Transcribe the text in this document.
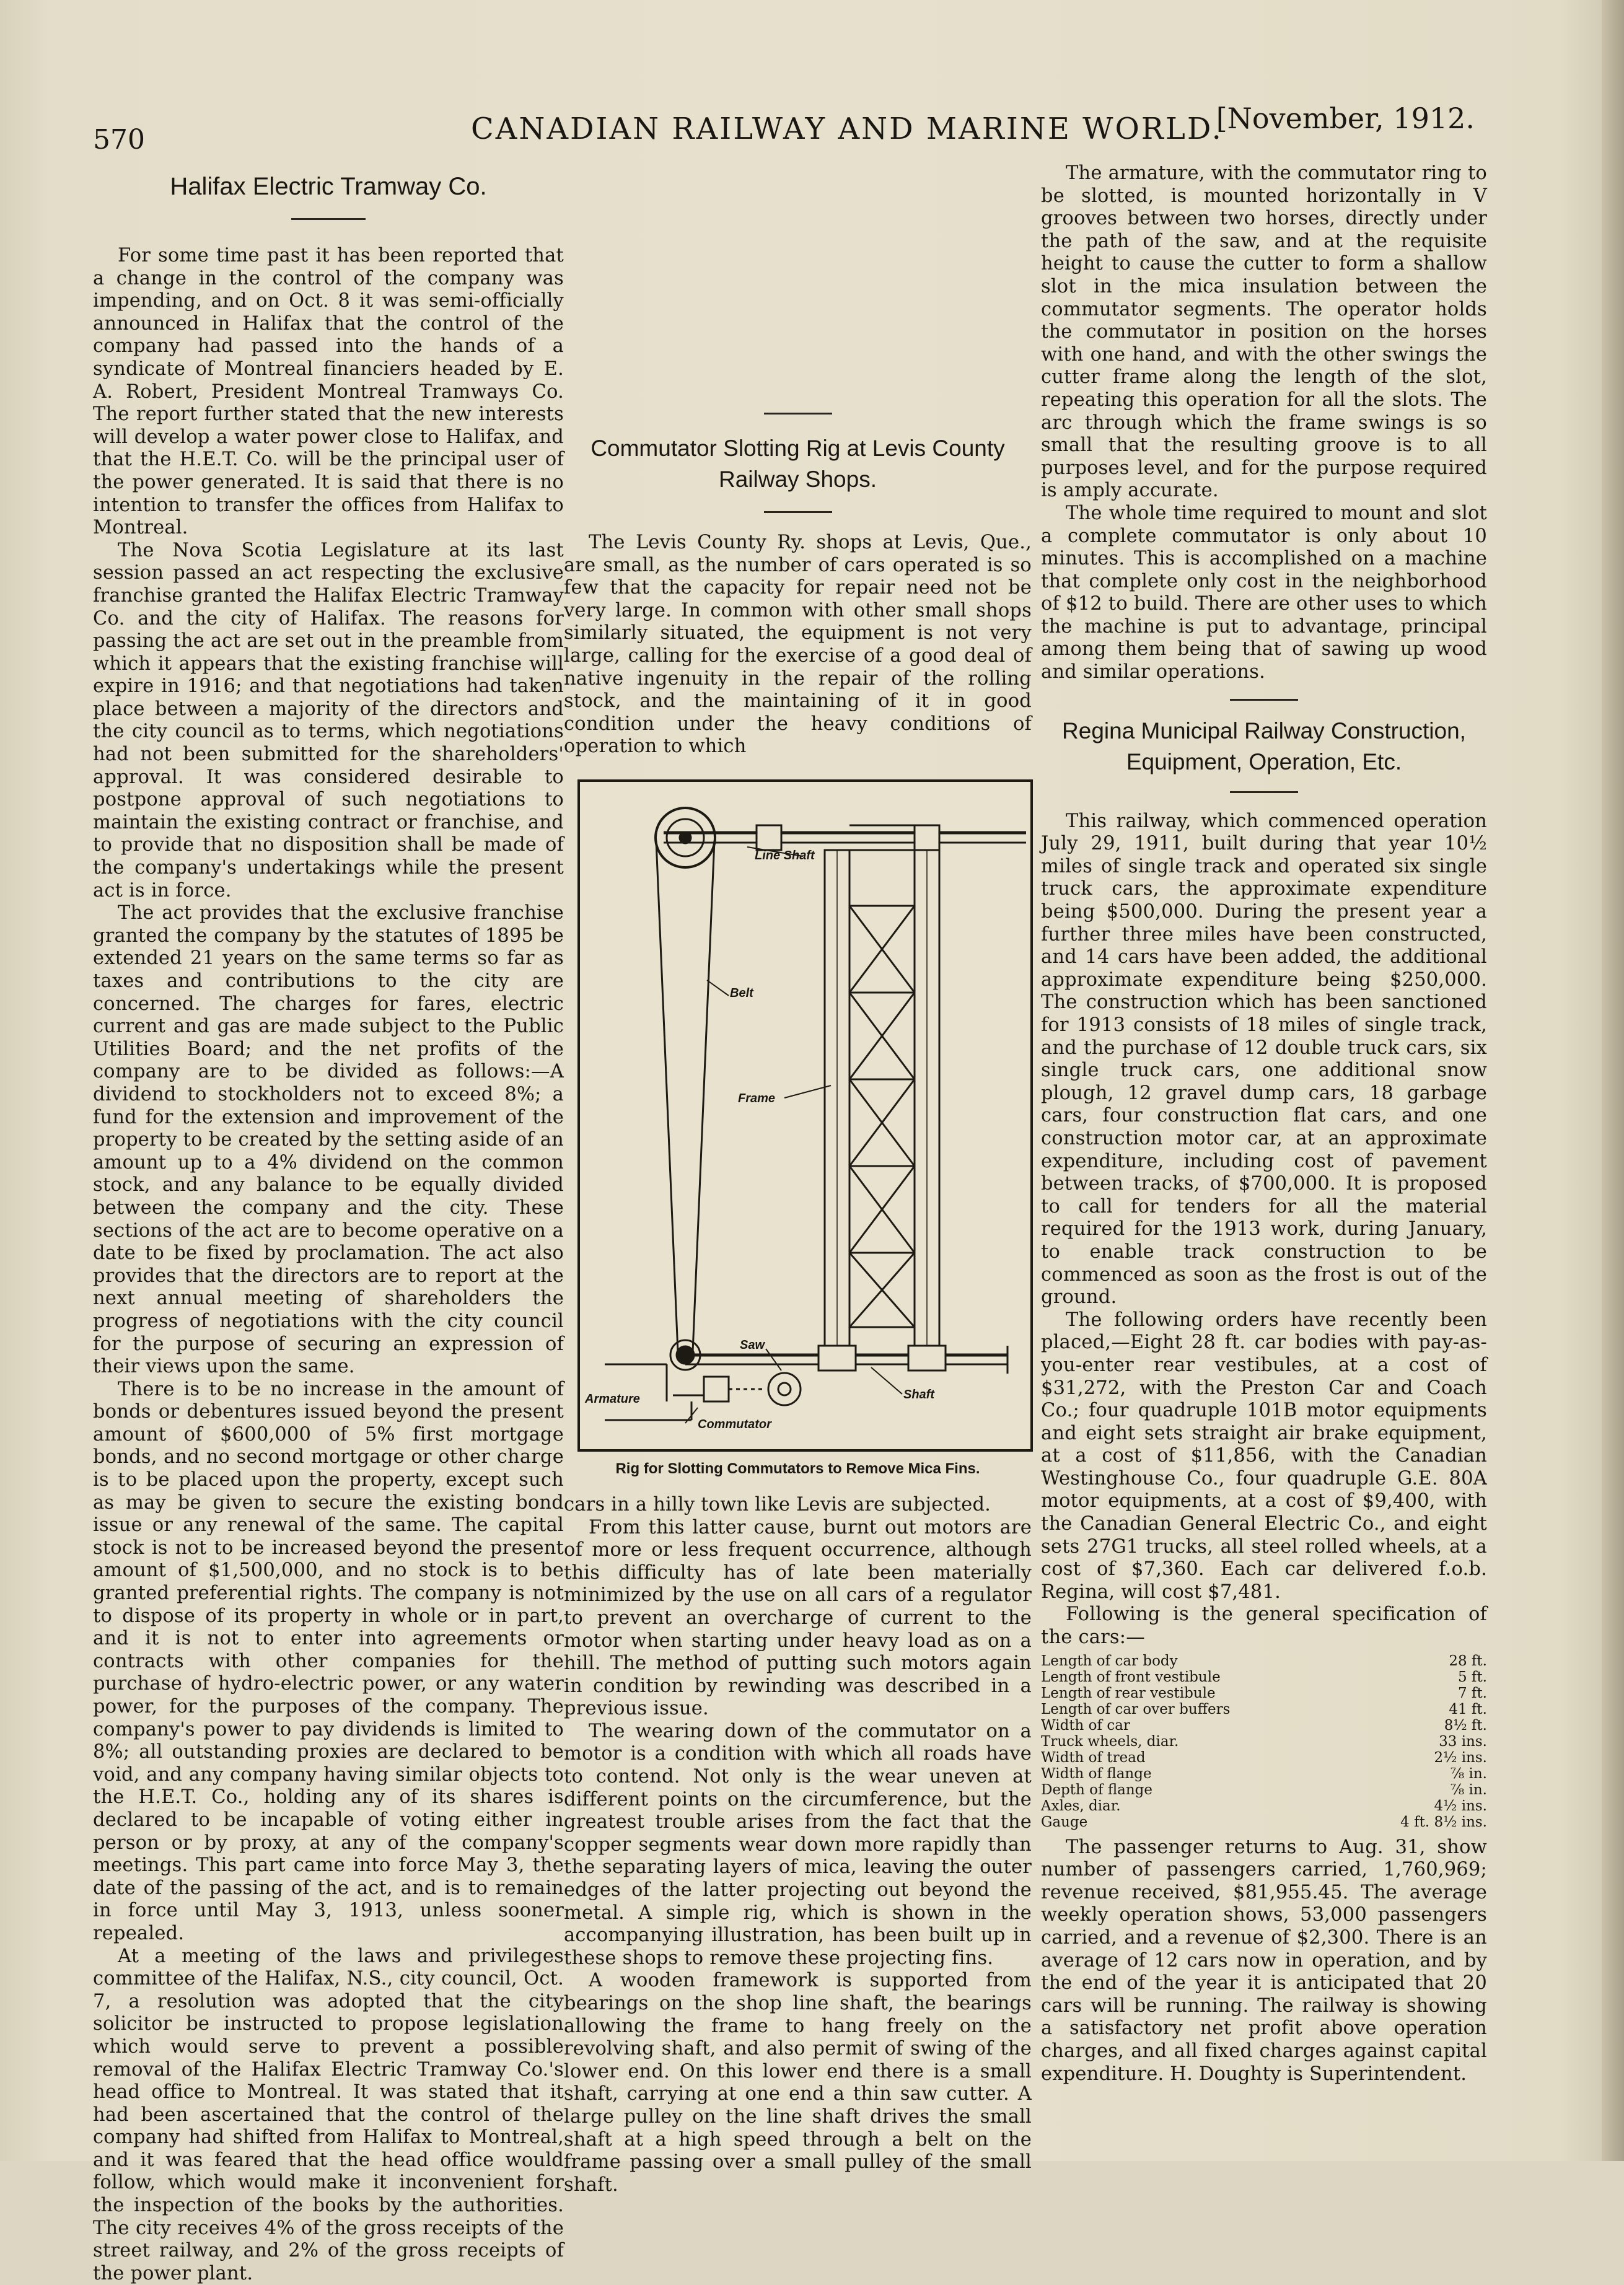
570	CANADIAN RAILWAY AND MARINE WORLD.
[November, 1912.
Halifax Electric Tramway Co.

For some time past it has been reported that a change in the control of the company was impending, and on Oct. 8 it was semi-officially announced in Halifax that the control of the company had passed into the hands of a syndicate of Montreal financiers headed by E. A. Robert, President Montreal Tramways Co. The report further stated that the new interests will develop a water power close to Halifax, and that the H.E.T. Co. will be the principal user of the power generated. It is said that there is no intention to transfer the offices from Halifax to Montreal.

The Nova Scotia Legislature at its last session passed an act respecting the exclusive franchise granted the Halifax Electric Tramway Co. and the city of Halifax. The reasons for passing the act are set out in the preamble from which it appears that the existing franchise will expire in 1916; and that negotiations had taken place between a majority of the directors and the city council as to terms, which negotiations had not been submitted for the shareholders' approval. It was considered desirable to postpone approval of such negotiations to maintain the existing contract or franchise, and to provide that no disposition shall be made of the company's undertakings while the present act is in force.

The act provides that the exclusive franchise granted the company by the statutes of 1895 be extended 21 years on the same terms so far as taxes and contributions to the city are concerned. The charges for fares, electric current and gas are made subject to the Public Utilities Board; and the net profits of the company are to be divided as follows:—A dividend to stockholders not to exceed 8%; a fund for the extension and improvement of the property to be created by the setting aside of an amount up to a 4% dividend on the common stock, and any balance to be equally divided between the company and the city. These sections of the act are to become operative on a date to be fixed by proclamation. The act also provides that the directors are to report at the next annual meeting of shareholders the progress of negotiations with the city council for the purpose of securing an expression of their views upon the same.

There is to be no increase in the amount of bonds or debentures issued beyond the present amount of $600,000 of 5% first mortgage bonds, and no second mortgage or other charge is to be placed upon the property, except such as may be given to secure the existing bond issue or any renewal of the same. The capital stock is not to be increased beyond the present amount of $1,500,000, and no stock is to be granted preferential rights. The company is not to dispose of its property in whole or in part, and it is not to enter into agreements or contracts with other companies for the purchase of hydro-electric power, or any water power, for the purposes of the company. The company's power to pay dividends is limited to 8%; all outstanding proxies are declared to be void, and any company having similar objects to the H.E.T. Co., holding any of its shares is declared to be incapable of voting either in person or by proxy, at any of the company's meetings. This part came into force May 3, the date of the passing of the act, and is to remain in force until May 3, 1913, unless sooner repealed.

At a meeting of the laws and privileges committee of the Halifax, N.S., city council, Oct. 7, a resolution was adopted that the city solicitor be instructed to propose legislation which would serve to prevent a possible removal of the Halifax Electric Tramway Co.'s head office to Montreal. It was stated that it had been ascertained that the control of the company had shifted from Halifax to Montreal, and it was feared that the head office would follow, which would make it inconvenient for the inspection of the books by the authorities. The city receives 4% of the gross receipts of the street railway, and 2% of the gross receipts of the power plant.

Commutator Slotting Rig at Levis County Railway Shops.

The Levis County Ry. shops at Levis, Que., are small, as the number of cars operated is so few that the capacity for repair need not be very large. In common with other small shops similarly situated, the equipment is not very large, calling for the exercise of a good deal of native ingenuity in the repair of the rolling stock, and the maintaining of it in good condition under the heavy conditions of operation to which

Line Shaft
Belt
Frame
Saw
Armature	Shaft
Commutator

Rig for Slotting Commutators to Remove Mica Fins.

cars in a hilly town like Levis are subjected.

From this latter cause, burnt out motors are of more or less frequent occurrence, although this difficulty has of late been materially minimized by the use on all cars of a regulator to prevent an overcharge of current to the motor when starting under heavy load as on a hill. The method of putting such motors again in condition by rewinding was described in a previous issue.

The wearing down of the commutator on a motor is a condition with which all roads have to contend. Not only is the wear uneven at different points on the circumference, but the greatest trouble arises from the fact that the copper segments wear down more rapidly than the separating layers of mica, leaving the outer edges of the latter projecting out beyond the metal. A simple rig, which is shown in the accompanying illustration, has been built up in these shops to remove these projecting fins.

A wooden framework is supported from bearings on the shop line shaft, the bearings allowing the frame to hang freely on the revolving shaft, and also permit of swing of the lower end. On this lower end there is a small shaft, carrying at one end a thin saw cutter. A large pulley on the line shaft drives the small shaft at a high speed through a belt on the frame passing over a small pulley of the small shaft.

The armature, with the commutator ring to be slotted, is mounted horizontally in V grooves between two horses, directly under the path of the saw, and at the requisite height to cause the cutter to form a shallow slot in the mica insulation between the commutator segments. The operator holds the commutator in position on the horses with one hand, and with the other swings the cutter frame along the length of the slot, repeating this operation for all the slots. The arc through which the frame swings is so small that the resulting groove is to all purposes level, and for the purpose required is amply accurate.

The whole time required to mount and slot a complete commutator is only about 10 minutes. This is accomplished on a machine that complete only cost in the neighborhood of $12 to build. There are other uses to which the machine is put to advantage, principal among them being that of sawing up wood and similar operations.

Regina Municipal Railway Construction, Equipment, Operation, Etc.

This railway, which commenced operation July 29, 1911, built during that year 10½ miles of single track and operated six single truck cars, the approximate expenditure being $500,000. During the present year a further three miles have been constructed, and 14 cars have been added, the additional approximate expenditure being $250,000. The construction which has been sanctioned for 1913 consists of 18 miles of single track, and the purchase of 12 double truck cars, six single truck cars, one additional snow plough, 12 gravel dump cars, 18 garbage cars, four construction flat cars, and one construction motor car, at an approximate expenditure, including cost of pavement between tracks, of $700,000. It is proposed to call for tenders for all the material required for the 1913 work, during January, to enable track construction to be commenced as soon as the frost is out of the ground.

The following orders have recently been placed,—Eight 28 ft. car bodies with pay-as-you-enter rear vestibules, at a cost of $31,272, with the Preston Car and Coach Co.; four quadruple 101B motor equipments and eight sets straight air brake equipment, at a cost of $11,856, with the Canadian Westinghouse Co., four quadruple G.E. 80A motor equipments, at a cost of $9,400, with the Canadian General Electric Co., and eight sets 27G1 trucks, all steel rolled wheels, at a cost of $7,360. Each car delivered f.o.b. Regina, will cost $7,481.

Following is the general specification of the cars:—

Length of car body	28 ft.
Length of front vestibule	5 ft.
Length of rear vestibule	7 ft.
Length of car over buffers	41 ft.
Width of car	8½ ft.
Truck wheels, diar.	33 ins.
Width of tread	2½ ins.
Width of flange	⅞ in.
Depth of flange	⅞ in.
Axles, diar.	4½ ins.
Gauge	4 ft. 8½ ins.

The passenger returns to Aug. 31, show number of passengers carried, 1,760,969; revenue received, $81,955.45. The average weekly operation shows, 53,000 passengers carried, and a revenue of $2,300. There is an average of 12 cars now in operation, and by the end of the year it is anticipated that 20 cars will be running. The railway is showing a satisfactory net profit above operation charges, and all fixed charges against capital expenditure. H. Doughty is Superintendent.
